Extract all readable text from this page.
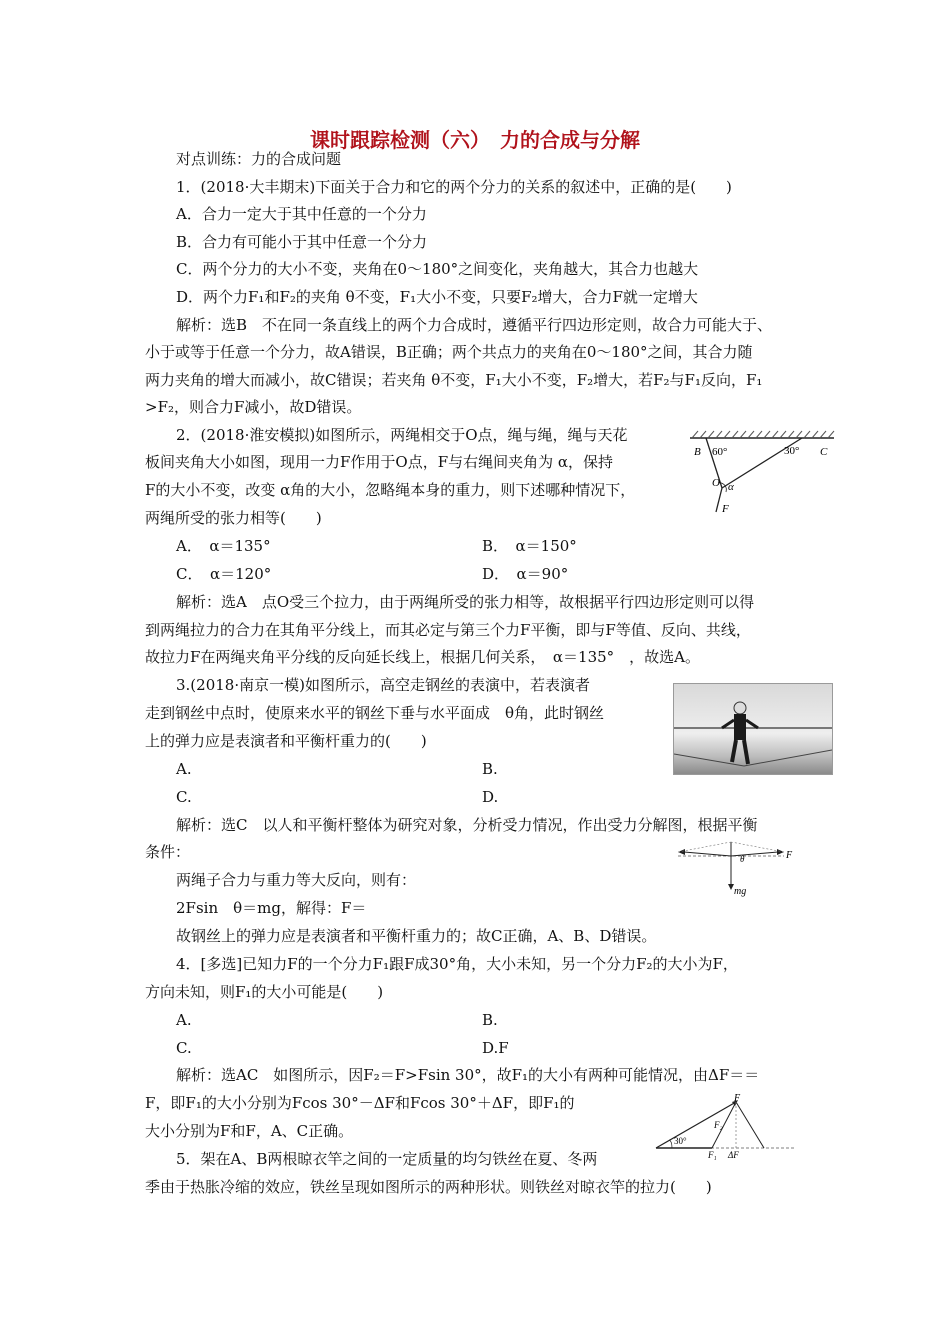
课时跟踪检测（六）　力的合成与分解
对点训练：力的合成问题
1．(2018·大丰期末)下面关于合力和它的两个分力的关系的叙述中，正确的是(　　)
A．合力一定大于其中任意的一个分力
B．合力有可能小于其中任意一个分力
C．两个分力的大小不变，夹角在0～180°之间变化，夹角越大，其合力也越大
D．两个力F₁和F₂的夹角 θ不变，F₁大小不变，只要F₂增大，合力F就一定增大
解析：选B　不在同一条直线上的两个力合成时，遵循平行四边形定则，故合力可能大于、
小于或等于任意一个分力，故A错误，B正确；两个共点力的夹角在0～180°之间，其合力随
两力夹角的增大而减小，故C错误；若夹角 θ不变，F₁大小不变，F₂增大，若F₂与F₁反向，F₁
>F₂，则合力F减小，故D错误。
2．(2018·淮安模拟)如图所示，两绳相交于O点，绳与绳，绳与天花
板间夹角大小如图，现用一力F作用于O点，F与右绳间夹角为 α，保持
F的大小不变，改变 α角的大小，忽略绳本身的重力，则下述哪种情况下，
两绳所受的张力相等(　　)
B 60°	30° C
O α
F
A．　α＝135°	B．　α＝150°
C．　α＝120°	D．　α＝90°
解析：选A　点O受三个拉力，由于两绳所受的张力相等，故根据平行四边形定则可以得
到两绳拉力的合力在其角平分线上，而其必定与第三个力F平衡，即与F等值、反向、共线，
故拉力F在两绳夹角平分线的反向延长线上，根据几何关系，　α＝135°　，故选A。
3.(2018·南京一模)如图所示，高空走钢丝的表演中，若表演者
走到钢丝中点时，使原来水平的钢丝下垂与水平面成　θ角，此时钢丝
上的弹力应是表演者和平衡杆重力的(　　)
A.	B.
C.	D.
解析：选C　以人和平衡杆整体为研究对象，分析受力情况，作出受力分解图，根据平衡
条件：	θ	F
mg
两绳子合力与重力等大反向，则有：
2Fsin　θ＝mg，解得：F＝
故钢丝上的弹力应是表演者和平衡杆重力的；故C正确，A、B、D错误。
4．[多选]已知力F的一个分力F₁跟F成30°角，大小未知，另一个分力F₂的大小为F，
方向未知，则F₁的大小可能是(　　)
A.	B.
C.	D.F
解析：选AC　如图所示，因F₂＝F>Fsin 30°，故F₁的大小有两种可能情况，由ΔF＝＝
F，即F₁的大小分别为Fcos 30°－ΔF和Fcos 30°＋ΔF，即F₁的
大小分别为F和F，A、C正确。
30°
F
F₂
F₁ ΔF
5．架在A、B两根晾衣竿之间的一定质量的均匀铁丝在夏、冬两
季由于热胀冷缩的效应，铁丝呈现如图所示的两种形状。则铁丝对晾衣竿的拉力(　　)
